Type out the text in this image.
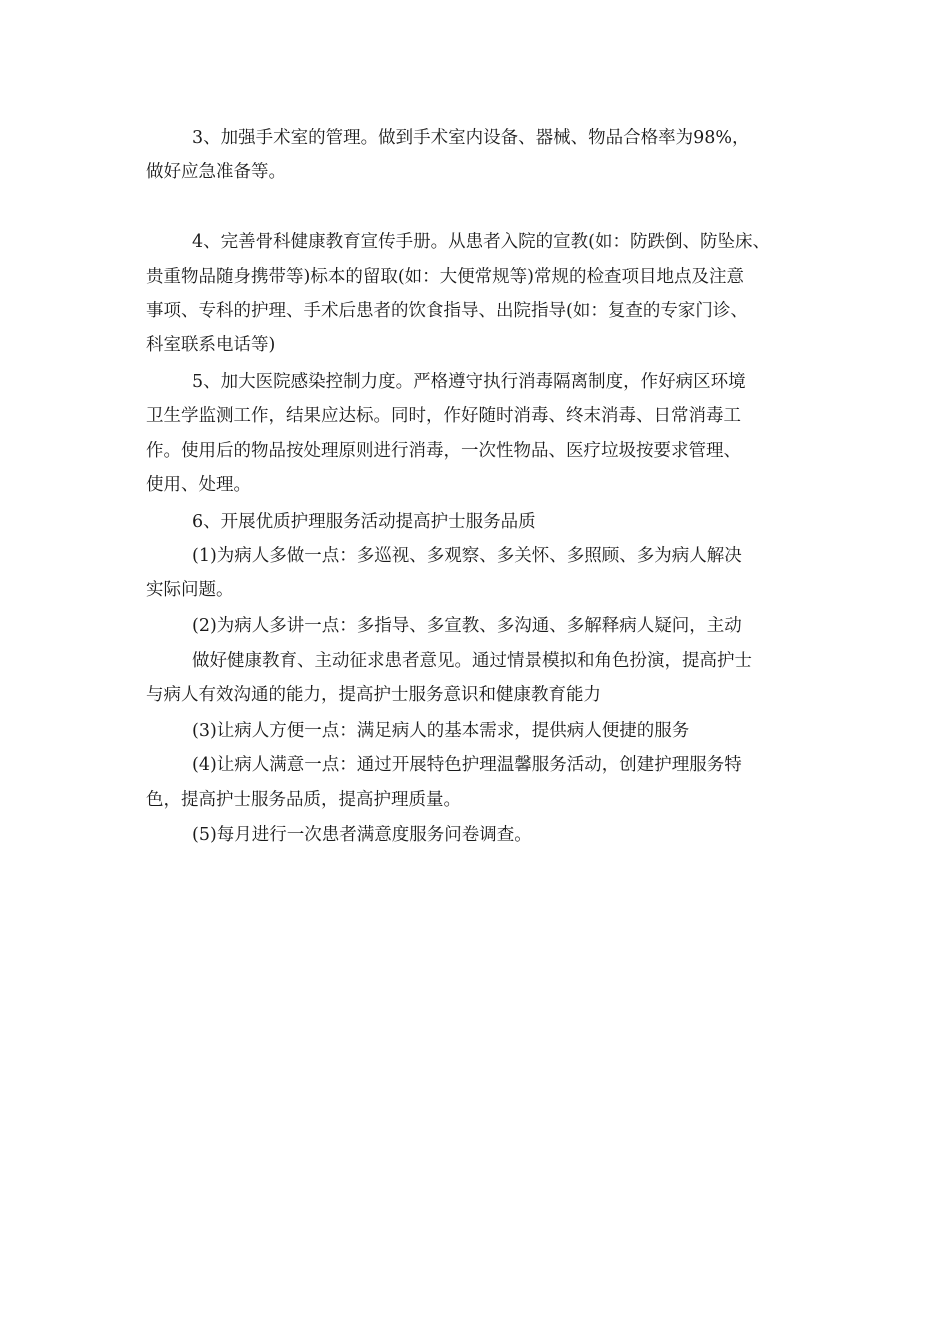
3、加强手术室的管理。做到手术室内设备、器械、物品合格率为98%，
做好应急准备等。
4、完善骨科健康教育宣传手册。从患者入院的宣教(如：防跌倒、防坠床、
贵重物品随身携带等)标本的留取(如：大便常规等)常规的检查项目地点及注意
事项、专科的护理、手术后患者的饮食指导、出院指导(如：复查的专家门诊、
科室联系电话等)
5、加大医院感染控制力度。严格遵守执行消毒隔离制度，作好病区环境
卫生学监测工作，结果应达标。同时，作好随时消毒、终末消毒、日常消毒工
作。使用后的物品按处理原则进行消毒，一次性物品、医疗垃圾按要求管理、
使用、处理。
6、开展优质护理服务活动提高护士服务品质
(1)为病人多做一点：多巡视、多观察、多关怀、多照顾、多为病人解决
实际问题。
(2)为病人多讲一点：多指导、多宣教、多沟通、多解释病人疑问，主动
做好健康教育、主动征求患者意见。通过情景模拟和角色扮演，提高护士
与病人有效沟通的能力，提高护士服务意识和健康教育能力
(3)让病人方便一点：满足病人的基本需求，提供病人便捷的服务
(4)让病人满意一点：通过开展特色护理温馨服务活动，创建护理服务特
色，提高护士服务品质，提高护理质量。
(5)每月进行一次患者满意度服务问卷调查。
